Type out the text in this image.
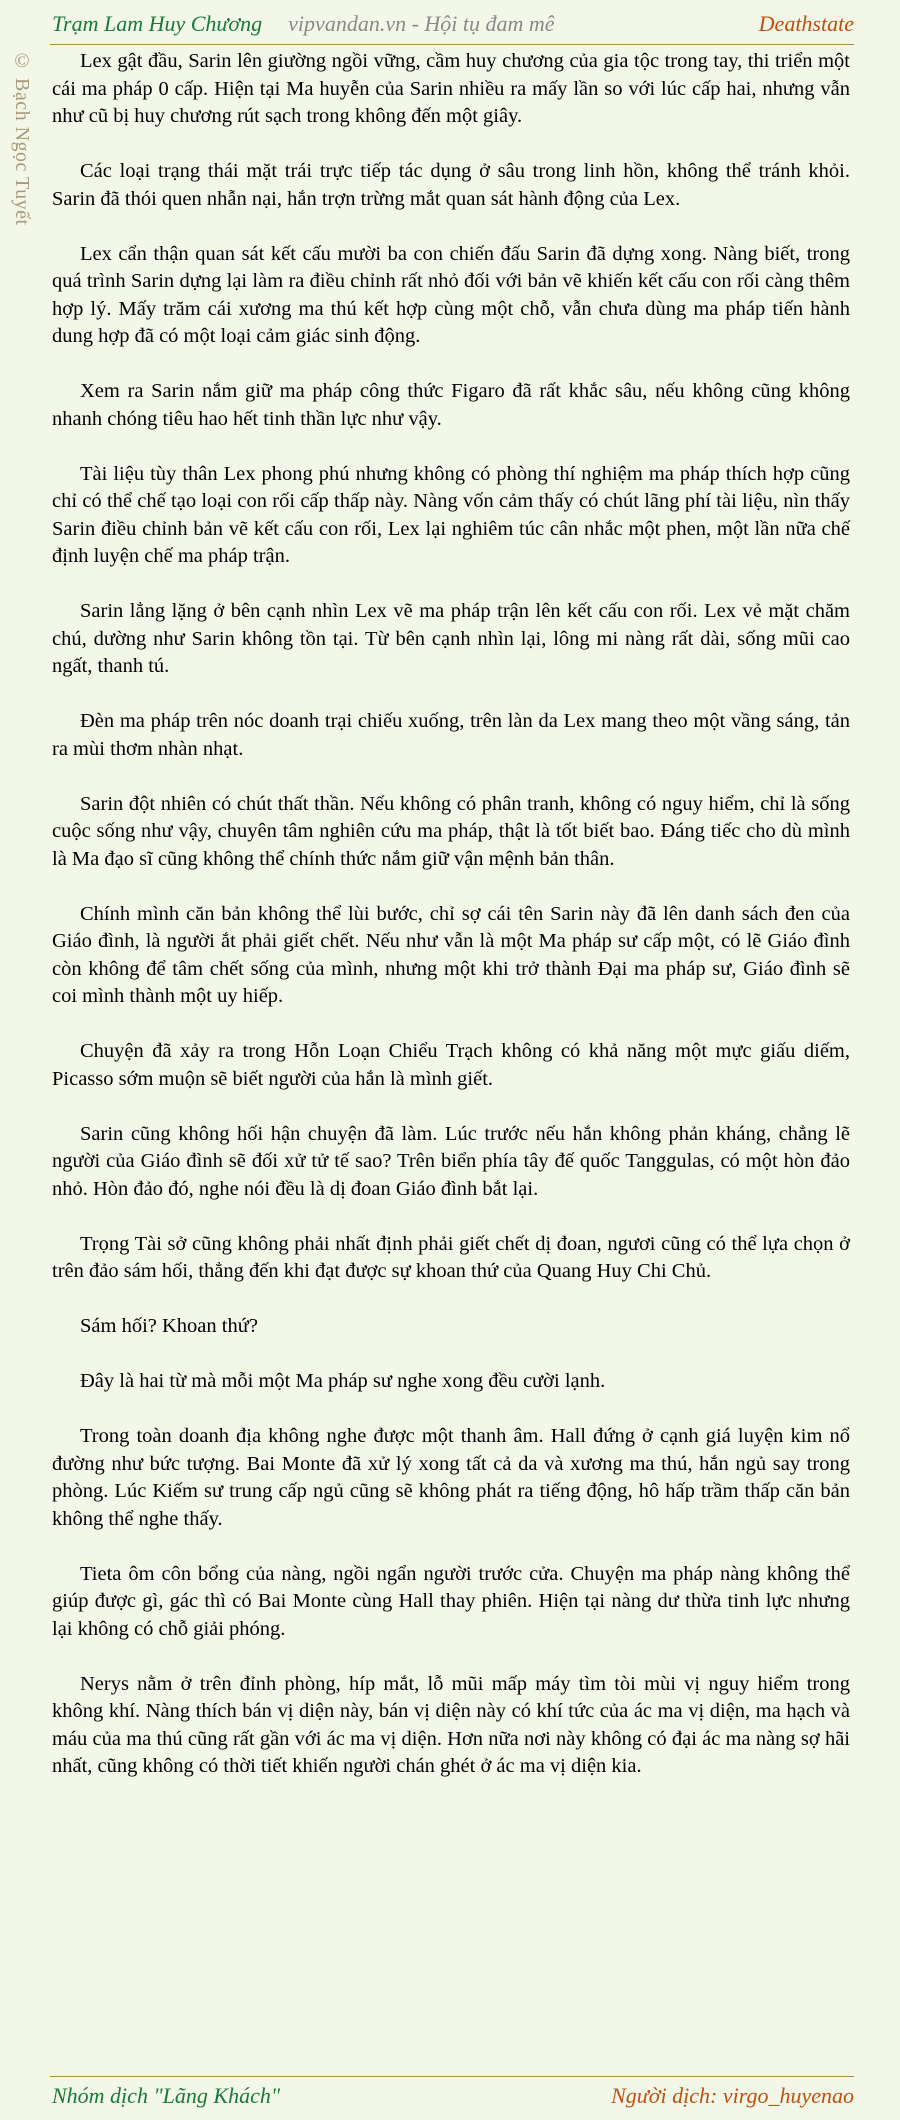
© Bạch Ngọc Tuyết
Trạm Lam Huy Chương vipvandan.vn - Hội tụ đam mê	Deathstate

Lex gật đầu, Sarin lên giường ngồi vững, cầm huy chương của gia tộc trong tay, thi triển một cái ma pháp 0 cấp. Hiện tại Ma huyễn của Sarin nhiều ra mấy lần so với lúc cấp hai, nhưng vẫn như cũ bị huy chương rút sạch trong không đến một giây.

Các loại trạng thái mặt trái trực tiếp tác dụng ở sâu trong linh hồn, không thể tránh khỏi. Sarin đã thói quen nhẫn nại, hắn trợn trừng mắt quan sát hành động của Lex.

Lex cẩn thận quan sát kết cấu mười ba con chiến đấu Sarin đã dựng xong. Nàng biết, trong quá trình Sarin dựng lại làm ra điều chỉnh rất nhỏ đối với bản vẽ khiến kết cấu con rối càng thêm hợp lý. Mấy trăm cái xương ma thú kết hợp cùng một chỗ, vẫn chưa dùng ma pháp tiến hành dung hợp đã có một loại cảm giác sinh động.

Xem ra Sarin nắm giữ ma pháp công thức Figaro đã rất khắc sâu, nếu không cũng không nhanh chóng tiêu hao hết tinh thần lực như vậy.

Tài liệu tùy thân Lex phong phú nhưng không có phòng thí nghiệm ma pháp thích hợp cũng chỉ có thể chế tạo loại con rối cấp thấp này. Nàng vốn cảm thấy có chút lãng phí tài liệu, nìn thấy Sarin điều chỉnh bản vẽ kết cấu con rối, Lex lại nghiêm túc cân nhắc một phen, một lần nữa chế định luyện chế ma pháp trận.

Sarin lẳng lặng ở bên cạnh nhìn Lex vẽ ma pháp trận lên kết cấu con rối. Lex vẻ mặt chăm chú, dường như Sarin không tồn tại. Từ bên cạnh nhìn lại, lông mi nàng rất dài, sống mũi cao ngất, thanh tú.

Đèn ma pháp trên nóc doanh trại chiếu xuống, trên làn da Lex mang theo một vầng sáng, tản ra mùi thơm nhàn nhạt.

Sarin đột nhiên có chút thất thần. Nếu không có phân tranh, không có nguy hiểm, chỉ là sống cuộc sống như vậy, chuyên tâm nghiên cứu ma pháp, thật là tốt biết bao. Đáng tiếc cho dù mình là Ma đạo sĩ cũng không thể chính thức nắm giữ vận mệnh bản thân.

Chính mình căn bản không thể lùi bước, chỉ sợ cái tên Sarin này đã lên danh sách đen của Giáo đình, là người ắt phải giết chết. Nếu như vẫn là một Ma pháp sư cấp một, có lẽ Giáo đình còn không để tâm chết sống của mình, nhưng một khi trở thành Đại ma pháp sư, Giáo đình sẽ coi mình thành một uy hiếp.

Chuyện đã xảy ra trong Hỗn Loạn Chiểu Trạch không có khả năng một mực giấu diếm, Picasso sớm muộn sẽ biết người của hắn là mình giết.

Sarin cũng không hối hận chuyện đã làm. Lúc trước nếu hắn không phản kháng, chẳng lẽ người của Giáo đình sẽ đối xử tử tế sao? Trên biển phía tây đế quốc Tanggulas, có một hòn đảo nhỏ. Hòn đảo đó, nghe nói đều là dị đoan Giáo đình bắt lại.

Trọng Tài sở cũng không phải nhất định phải giết chết dị đoan, ngươi cũng có thể lựa chọn ở trên đảo sám hối, thẳng đến khi đạt được sự khoan thứ của Quang Huy Chi Chủ.

Sám hối? Khoan thứ?

Đây là hai từ mà mỗi một Ma pháp sư nghe xong đều cười lạnh.

Trong toàn doanh địa không nghe được một thanh âm. Hall đứng ở cạnh giá luyện kim nổ đường như bức tượng. Bai Monte đã xử lý xong tất cả da và xương ma thú, hắn ngủ say trong phòng. Lúc Kiếm sư trung cấp ngủ cũng sẽ không phát ra tiếng động, hô hấp trầm thấp căn bản không thể nghe thấy.

Tieta ôm côn bổng của nàng, ngồi ngẩn người trước cửa. Chuyện ma pháp nàng không thể giúp được gì, gác thì có Bai Monte cùng Hall thay phiên. Hiện tại nàng dư thừa tinh lực nhưng lại không có chỗ giải phóng.

Nerys nằm ở trên đỉnh phòng, híp mắt, lỗ mũi mấp máy tìm tòi mùi vị nguy hiểm trong không khí. Nàng thích bán vị diện này, bán vị diện này có khí tức của ác ma vị diện, ma hạch và máu của ma thú cũng rất gần với ác ma vị diện. Hơn nữa nơi này không có đại ác ma nàng sợ hãi nhất, cũng không có thời tiết khiến người chán ghét ở ác ma vị diện kia.

Nhóm dịch "Lãng Khách"	Người dịch: virgo_huyenao
